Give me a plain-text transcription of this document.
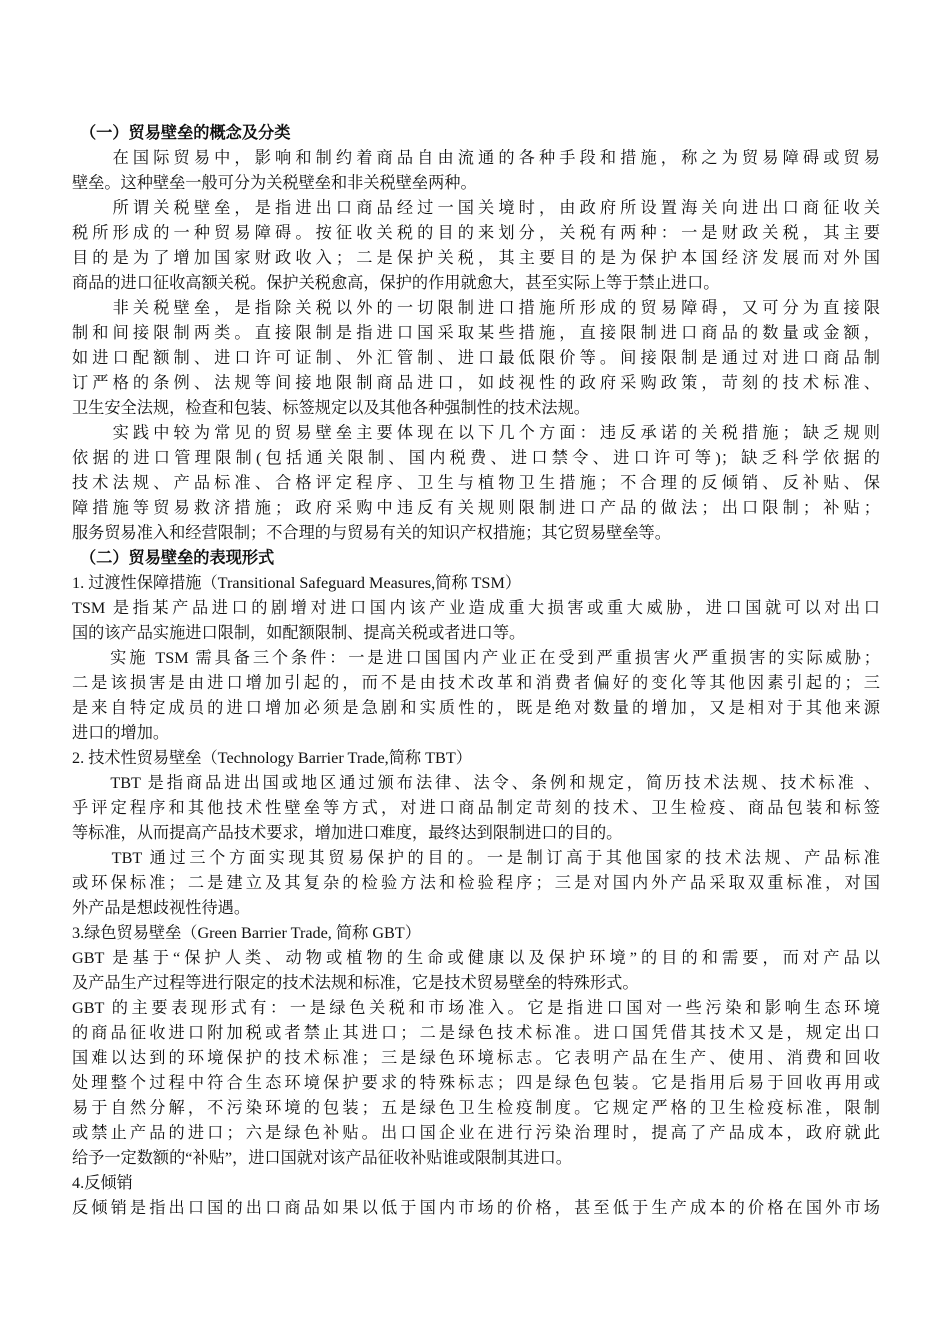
（一）贸易壁垒的概念及分类
　　在国际贸易中，影响和制约着商品自由流通的各种手段和措施，称之为贸易障碍或贸易
壁垒。这种壁垒一般可分为关税壁垒和非关税壁垒两种。
　　所谓关税壁垒，是指进出口商品经过一国关境时，由政府所设置海关向进出口商征收关
税所形成的一种贸易障碍。按征收关税的目的来划分，关税有两种：一是财政关税，其主要
目的是为了增加国家财政收入；二是保护关税，其主要目的是为保护本国经济发展而对外国
商品的进口征收高额关税。保护关税愈高，保护的作用就愈大，甚至实际上等于禁止进口。
　　非关税壁垒，是指除关税以外的一切限制进口措施所形成的贸易障碍，又可分为直接限
制和间接限制两类。直接限制是指进口国采取某些措施，直接限制进口商品的数量或金额，
如进口配额制、进口许可证制、外汇管制、进口最低限价等。间接限制是通过对进口商品制
订严格的条例、法规等间接地限制商品进口，如歧视性的政府采购政策，苛刻的技术标准、
卫生安全法规，检查和包装、标签规定以及其他各种强制性的技术法规。
　　实践中较为常见的贸易壁垒主要体现在以下几个方面：违反承诺的关税措施；缺乏规则
依据的进口管理限制(包括通关限制、国内税费、进口禁令、进口许可等)；缺乏科学依据的
技术法规、产品标准、合格评定程序、卫生与植物卫生措施；不合理的反倾销、反补贴、保
障措施等贸易救济措施；政府采购中违反有关规则限制进口产品的做法；出口限制；补贴；
服务贸易准入和经营限制；不合理的与贸易有关的知识产权措施；其它贸易壁垒等。
（二）贸易壁垒的表现形式
1. 过渡性保障措施（Transitional Safeguard Measures,简称 TSM）
TSM 是指某产品进口的剧增对进口国内该产业造成重大损害或重大威胁，进口国就可以对出口
国的该产品实施进口限制，如配额限制、提高关税或者进口等。
　　实施 TSM 需具备三个条件：一是进口国国内产业正在受到严重损害火严重损害的实际威胁；
二是该损害是由进口增加引起的，而不是由技术改革和消费者偏好的变化等其他因素引起的；三
是来自特定成员的进口增加必须是急剧和实质性的，既是绝对数量的增加，又是相对于其他来源
进口的增加。
2. 技术性贸易壁垒（Technology Barrier Trade,简称 TBT）
　　TBT 是指商品进出国或地区通过颁布法律、法令、条例和规定，简历技术法规、技术标准 、
乎评定程序和其他技术性壁垒等方式，对进口商品制定苛刻的技术、卫生检疫、商品包装和标签
等标准，从而提高产品技术要求，增加进口难度，最终达到限制进口的目的。
　　TBT 通过三个方面实现其贸易保护的目的。一是制订高于其他国家的技术法规、产品标准
或环保标准；二是建立及其复杂的检验方法和检验程序；三是对国内外产品采取双重标准，对国
外产品是想歧视性待遇。
3.绿色贸易壁垒（Green Barrier Trade, 简称 GBT）
GBT 是基于“保护人类、动物或植物的生命或健康以及保护环境”的目的和需要，而对产品以
及产品生产过程等进行限定的技术法规和标准，它是技术贸易壁垒的特殊形式。
GBT 的主要表现形式有：一是绿色关税和市场准入。它是指进口国对一些污染和影响生态环境
的商品征收进口附加税或者禁止其进口；二是绿色技术标准。进口国凭借其技术又是，规定出口
国难以达到的环境保护的技术标准；三是绿色环境标志。它表明产品在生产、使用、消费和回收
处理整个过程中符合生态环境保护要求的特殊标志；四是绿色包装。它是指用后易于回收再用或
易于自然分解，不污染环境的包装；五是绿色卫生检疫制度。它规定严格的卫生检疫标准，限制
或禁止产品的进口；六是绿色补贴。出口国企业在进行污染治理时，提高了产品成本，政府就此
给予一定数额的“补贴”，进口国就对该产品征收补贴谁或限制其进口。
4.反倾销
反倾销是指出口国的出口商品如果以低于国内市场的价格，甚至低于生产成本的价格在国外市场
